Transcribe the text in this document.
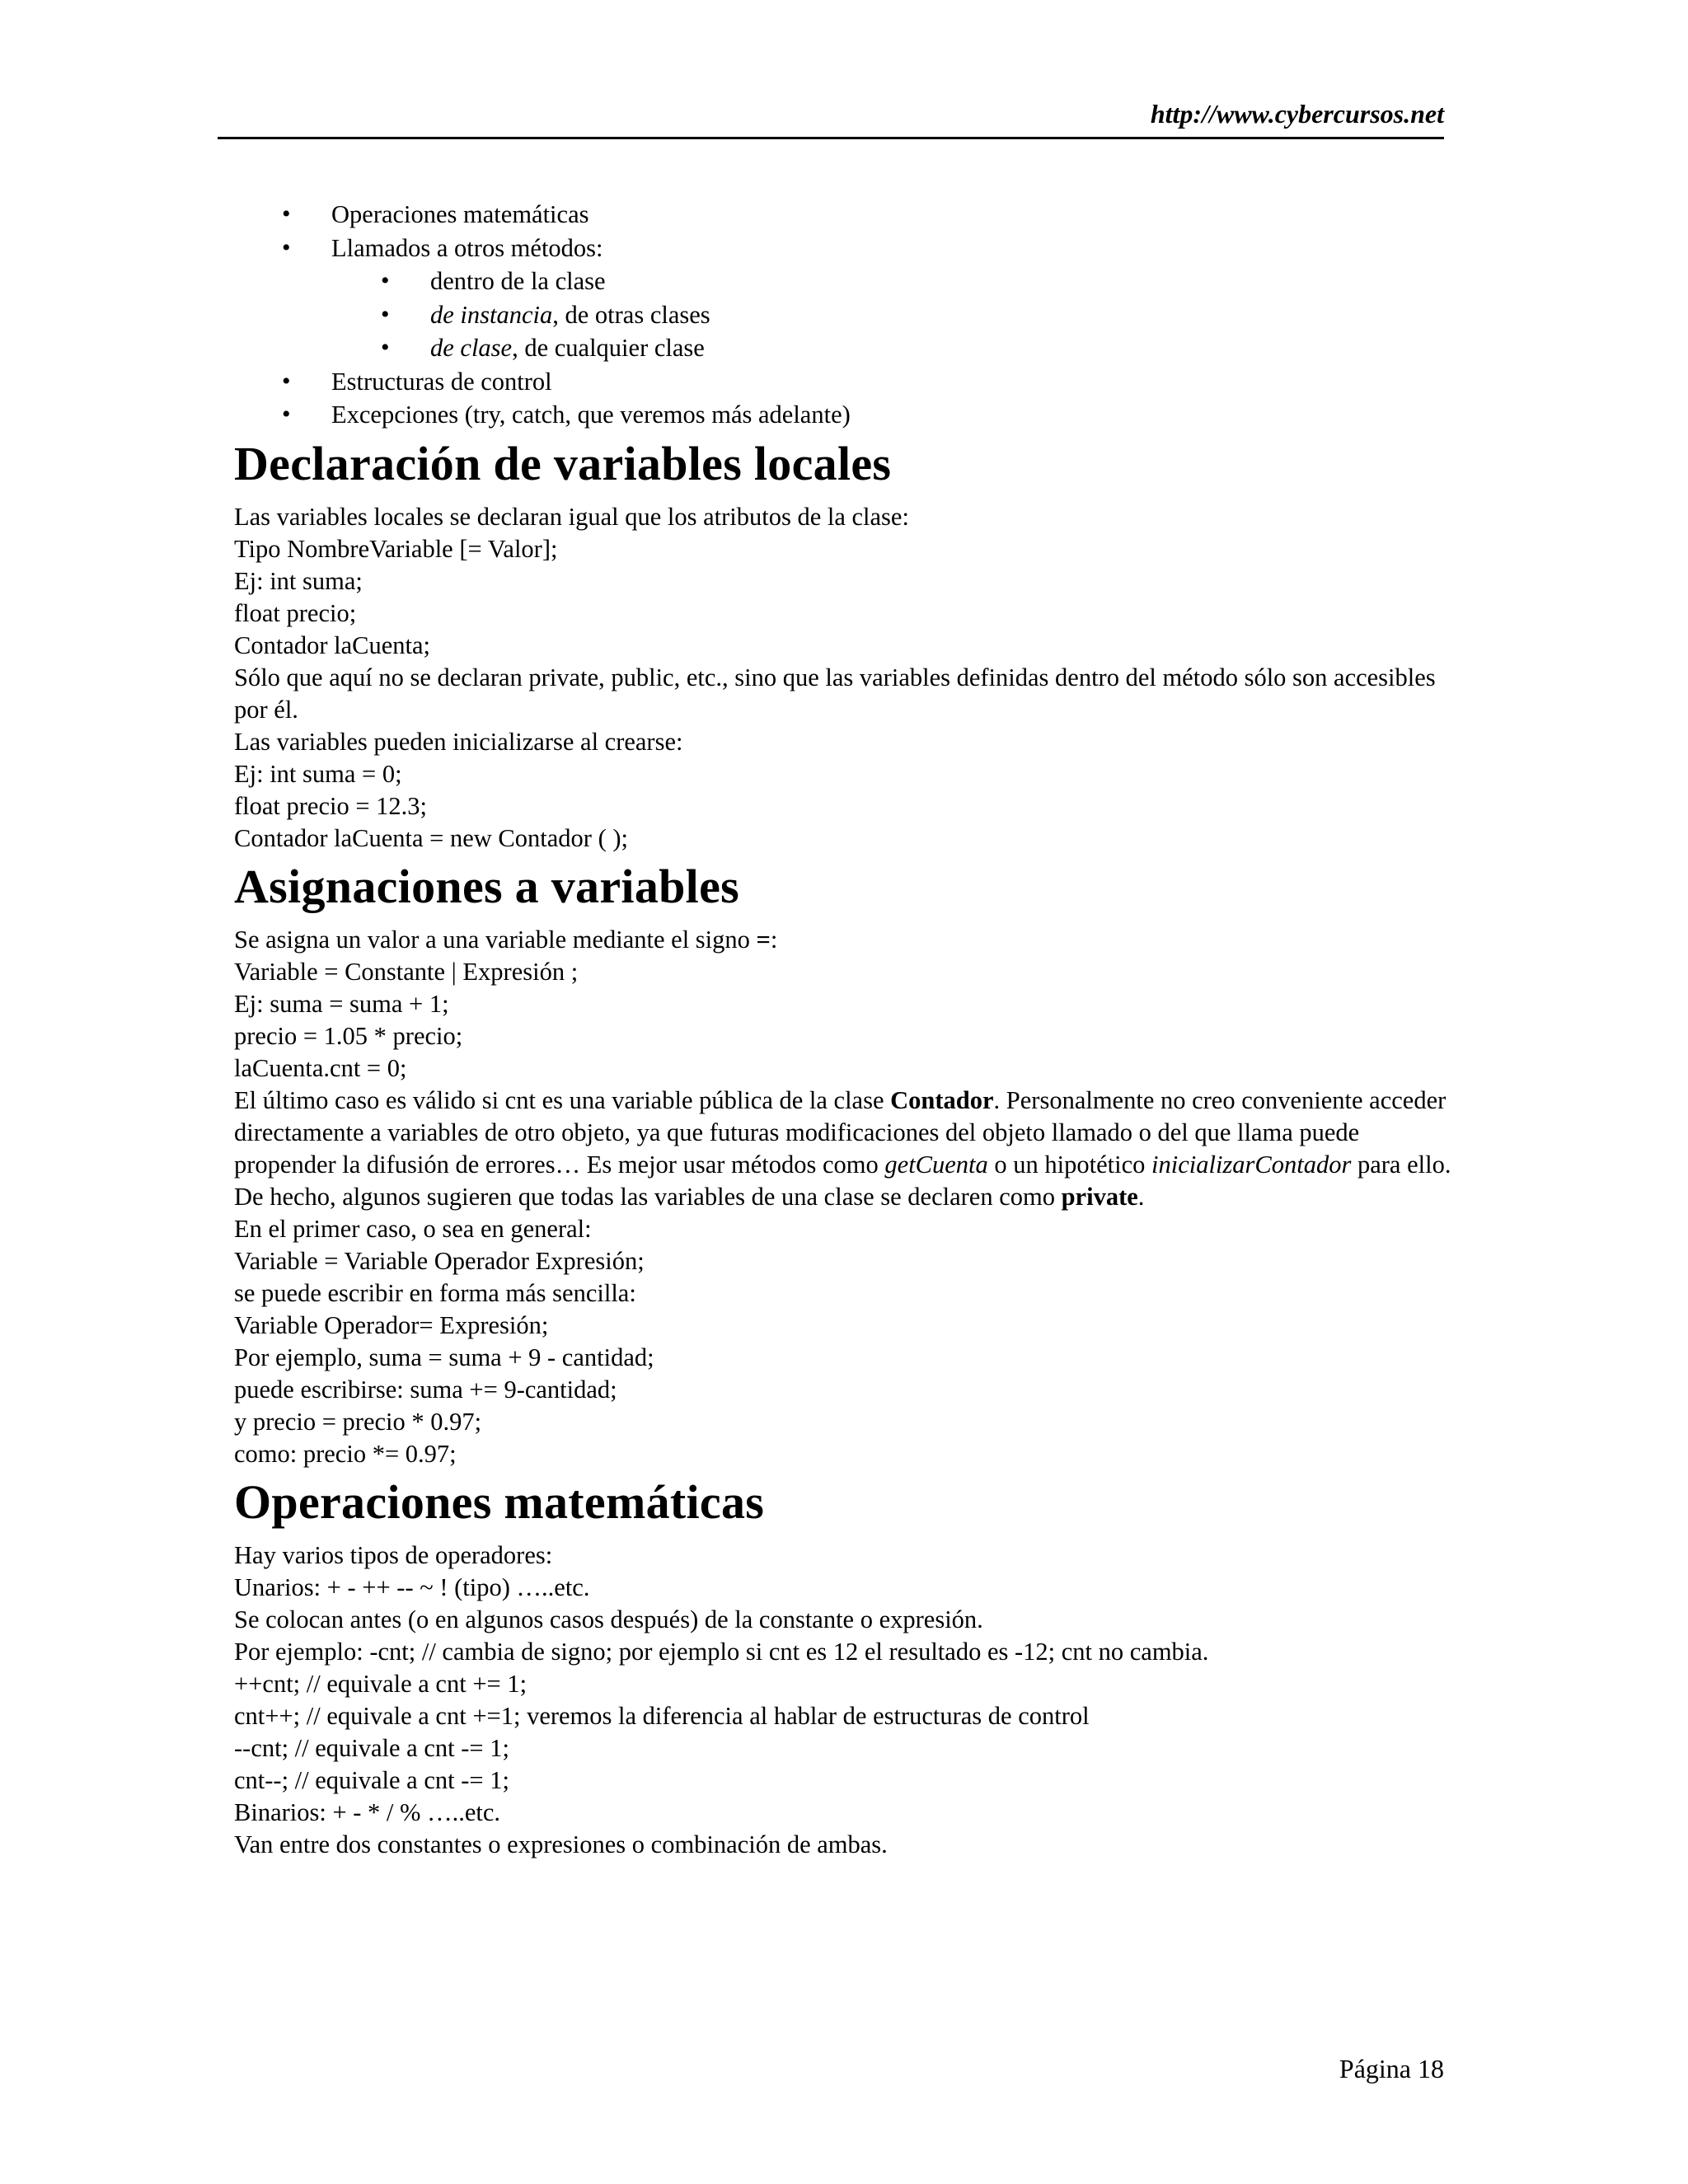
http://www.cybercursos.net
• Operaciones matemáticas
• Llamados a otros métodos:
• dentro de la clase
• de instancia, de otras clases
• de clase, de cualquier clase
• Estructuras de control
• Excepciones (try, catch, que veremos más adelante)
Declaración de variables locales
Las variables locales se declaran igual que los atributos de la clase:
Tipo NombreVariable [= Valor];
Ej: int suma;
float precio;
Contador laCuenta;
Sólo que aquí no se declaran private, public, etc., sino que las variables definidas dentro del método sólo son accesibles por él.
Las variables pueden inicializarse al crearse:
Ej: int suma = 0;
float precio = 12.3;
Contador laCuenta = new Contador ( );
Asignaciones a variables
Se asigna un valor a una variable mediante el signo =:
Variable = Constante | Expresión ;
Ej: suma = suma + 1;
precio = 1.05 * precio;
laCuenta.cnt = 0;
El último caso es válido si cnt es una variable pública de la clase Contador. Personalmente no creo conveniente acceder directamente a variables de otro objeto, ya que futuras modificaciones del objeto llamado o del que llama puede propender la difusión de errores… Es mejor usar métodos como getCuenta o un hipotético inicializarContador para ello. De hecho, algunos sugieren que todas las variables de una clase se declaren como private.
En el primer caso, o sea en general:
Variable = Variable Operador Expresión;
se puede escribir en forma más sencilla:
Variable Operador= Expresión;
Por ejemplo, suma = suma + 9 - cantidad;
puede escribirse: suma += 9-cantidad;
y precio = precio * 0.97;
como: precio *= 0.97;
Operaciones matemáticas
Hay varios tipos de operadores:
Unarios: + - ++ -- ~ ! (tipo) …..etc.
Se colocan antes (o en algunos casos después) de la constante o expresión.
Por ejemplo: -cnt; // cambia de signo; por ejemplo si cnt es 12 el resultado es -12; cnt no cambia.
++cnt; // equivale a cnt += 1;
cnt++; // equivale a cnt +=1; veremos la diferencia al hablar de estructuras de control
--cnt; // equivale a cnt -= 1;
cnt--; // equivale a cnt -= 1;
Binarios: + - * / % …..etc.
Van entre dos constantes o expresiones o combinación de ambas.
Página 18
